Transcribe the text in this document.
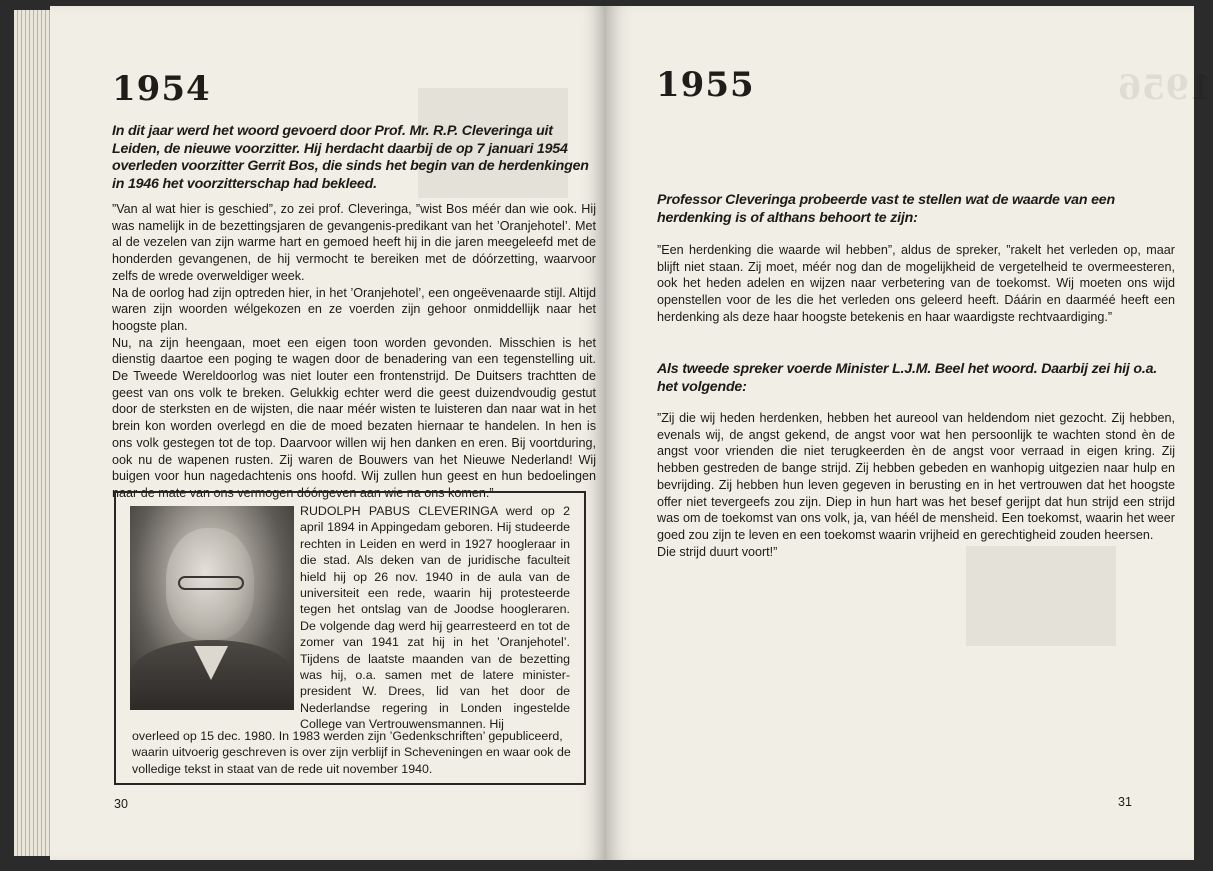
1954
In dit jaar werd het woord gevoerd door Prof. Mr. R.P. Cleveringa uit Leiden, de nieuwe voorzitter. Hij herdacht daarbij de op 7 januari 1954 overleden voorzitter Gerrit Bos, die sinds het begin van de herdenkingen in 1946 het voorzitterschap had bekleed.

”Van al wat hier is geschied”, zo zei prof. Cleveringa, ”wist Bos méér dan wie ook. Hij was namelijk in de bezettingsjaren de gevangenis-predikant van het ’Oranjehotel’. Met al de vezelen van zijn warme hart en gemoed heeft hij in die jaren meegeleefd met de honderden gevangenen, de hij vermocht te bereiken met de dóórzetting, waarvoor zelfs de wrede overweldiger week.

Na de oorlog had zijn optreden hier, in het ’Oranjehotel’, een ongeëvenaarde stijl. Altijd waren zijn woorden wélgekozen en ze voerden zijn gehoor onmiddellijk naar het hoogste plan.

Nu, na zijn heengaan, moet een eigen toon worden gevonden. Misschien is het dienstig daartoe een poging te wagen door de benadering van een tegenstelling uit. De Tweede Wereldoorlog was niet louter een frontenstrijd. De Duitsers trachtten de geest van ons volk te breken. Gelukkig echter werd die geest duizendvoudig gestut door de sterksten en de wijsten, die naar méér wisten te luisteren dan naar wat in het brein kon worden overlegd en die de moed bezaten hiernaar te handelen. In hen is ons volk gestegen tot de top. Daarvoor willen wij hen danken en eren. Bij voortduring, ook nu de wapenen rusten. Zij waren de Bouwers van het Nieuwe Nederland! Wij buigen voor hun nagedachtenis ons hoofd. Wij zullen hun geest en hun bedoelingen naar de mate van ons vermogen dóórgeven aan wie na ons komen.”

RUDOLPH PABUS CLEVERINGA werd op 2 april 1894 in Appingedam geboren. Hij studeerde rechten in Leiden en werd in 1927 hoogleraar in die stad. Als deken van de juridische faculteit hield hij op 26 nov. 1940 in de aula van de universiteit een rede, waarin hij protesteerde tegen het ontslag van de Joodse hoogleraren. De volgende dag werd hij gearresteerd en tot de zomer van 1941 zat hij in het ’Oranjehotel’. Tijdens de laatste maanden van de bezetting was hij, o.a. samen met de latere minister-president W. Drees, lid van het door de Nederlandse regering in Londen ingestelde College van Vertrouwensmannen. Hij
overleed op 15 dec. 1980. In 1983 werden zijn ’Gedenkschriften’ gepubliceerd, waarin uitvoerig geschreven is over zijn verblijf in Scheveningen en waar ook de volledige tekst in staat van de rede uit november 1940.
30
1956
1955
Professor Cleveringa probeerde vast te stellen wat de waarde van een herdenking is of althans behoort te zijn:
”Een herdenking die waarde wil hebben”, aldus de spreker, ”rakelt het verleden op, maar blijft niet staan. Zij moet, méér nog dan de mogelijkheid de vergetelheid te overmeesteren, ook het heden adelen en wijzen naar verbetering van de toekomst. Wij moeten ons wijd openstellen voor de les die het verleden ons geleerd heeft. Dáárin en daarméé heeft een herdenking als deze haar hoogste betekenis en haar waardigste rechtvaardiging.”
Als tweede spreker voerde Minister L.J.M. Beel het woord. Daarbij zei hij o.a. het volgende:

”Zij die wij heden herdenken, hebben het aureool van heldendom niet gezocht. Zij hebben, evenals wij, de angst gekend, de angst voor wat hen persoonlijk te wachten stond èn de angst voor vrienden die niet terugkeerden èn de angst voor verraad in eigen kring. Zij hebben gestreden de bange strijd. Zij hebben gebeden en wanhopig uitgezien naar hulp en bevrijding. Zij hebben hun leven gegeven in berusting en in het vertrouwen dat het hoogste offer niet tevergeefs zou zijn. Diep in hun hart was het besef gerijpt dat hun strijd een strijd was om de toekomst van ons volk, ja, van héél de mensheid. Een toekomst, waarin het weer goed zou zijn te leven en een toekomst waarin vrijheid en gerechtigheid zouden heersen.

Die strijd duurt voort!”

31
